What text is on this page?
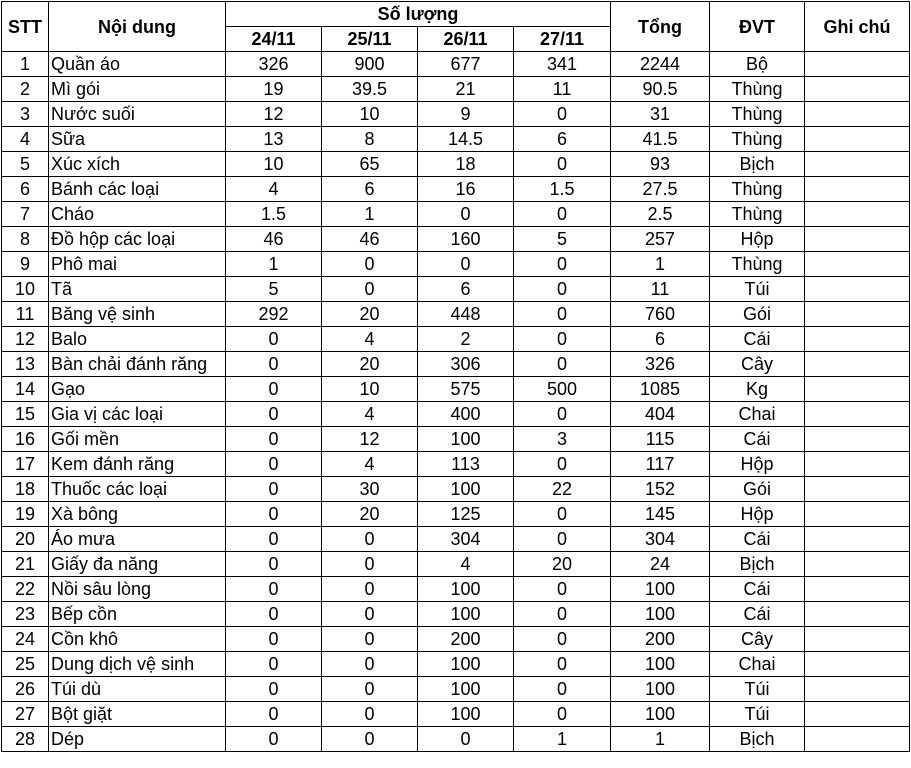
STT	Nội dung	Số lượng				Tổng	ĐVT	Ghi chú
		24/11	25/11	26/11	27/11			
1	Quần áo	326	900	677	341	2244	Bộ	
2	Mì gói	19	39.5	21	11	90.5	Thùng	
3	Nước suối	12	10	9	0	31	Thùng	
4	Sữa	13	8	14.5	6	41.5	Thùng	
5	Xúc xích	10	65	18	0	93	Bịch	
6	Bánh các loại	4	6	16	1.5	27.5	Thùng	
7	Cháo	1.5	1	0	0	2.5	Thùng	
8	Đồ hộp các loại	46	46	160	5	257	Hộp	
9	Phô mai	1	0	0	0	1	Thùng	
10	Tã	5	0	6	0	11	Túi	
11	Băng vệ sinh	292	20	448	0	760	Gói	
12	Balo	0	4	2	0	6	Cái	
13	Bàn chải đánh răng	0	20	306	0	326	Cây	
14	Gạo	0	10	575	500	1085	Kg	
15	Gia vị các loại	0	4	400	0	404	Chai	
16	Gối mền	0	12	100	3	115	Cái	
17	Kem đánh răng	0	4	113	0	117	Hộp	
18	Thuốc các loại	0	30	100	22	152	Gói	
19	Xà bông	0	20	125	0	145	Hộp	
20	Áo mưa	0	0	304	0	304	Cái	
21	Giấy đa năng	0	0	4	20	24	Bịch	
22	Nồi sâu lòng	0	0	100	0	100	Cái	
23	Bếp cồn	0	0	100	0	100	Cái	
24	Cồn khô	0	0	200	0	200	Cây	
25	Dung dịch vệ sinh	0	0	100	0	100	Chai	
26	Túi dù	0	0	100	0	100	Túi	
27	Bột giặt	0	0	100	0	100	Túi	
28	Dép	0	0	0	1	1	Bịch	
